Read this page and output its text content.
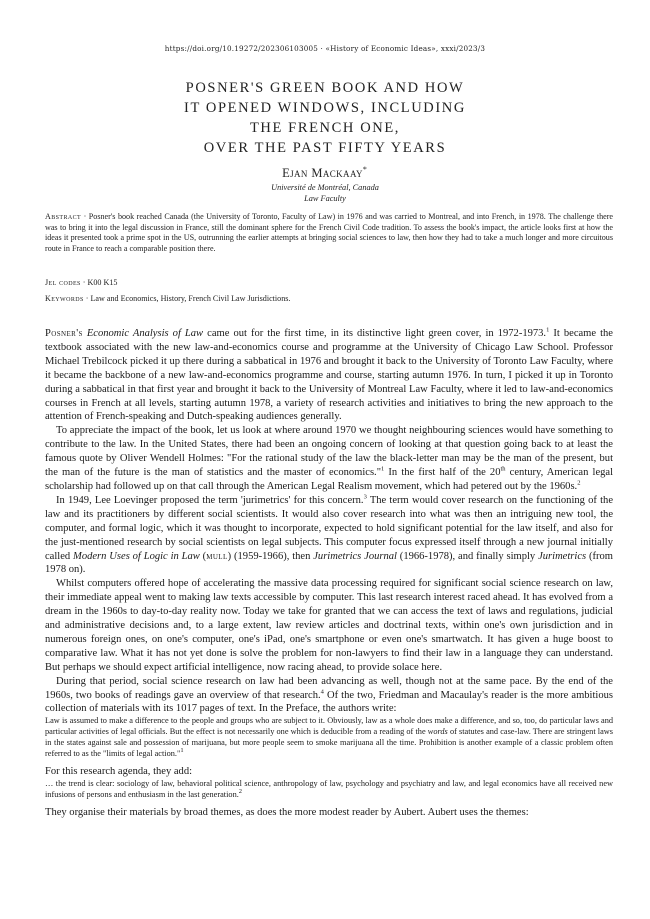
https://doi.org/10.19272/202306103005 · «History of Economic Ideas», xxxi/2023/3
POSNER'S GREEN BOOK AND HOW
IT OPENED WINDOWS, INCLUDING
THE FRENCH ONE,
OVER THE PAST FIFTY YEARS
Ejan Mackaay*
Université de Montréal, Canada
Law Faculty
Abstract · Posner's book reached Canada (the University of Toronto, Faculty of Law) in 1976 and was carried to Montreal, and into French, in 1978. The challenge there was to bring it into the legal discussion in France, still the dominant sphere for the French Civil Code tradition. To assess the book's impact, the article looks first at how the ideas it presented took a prime spot in the US, outrunning the earlier attempts at bringing social sciences to law, then how they had to take a much longer and more circuitous route in France to reach a comparable position there.
Jel codes · K00 K15
Keywords · Law and Economics, History, French Civil Law Jurisdictions.

Posner's Economic Analysis of Law came out for the first time, in its distinctive light green cover, in 1972-1973.$^1$ It became the textbook associated with the new law-and-economics course and programme at the University of Chicago Law School. Professor Michael Trebilcock picked it up there during a sabbatical in 1976 and brought it back to the University of Toronto Law Faculty, where it became the backbone of a new law-and-economics programme and course, starting autumn 1976. In turn, I picked it up in Toronto during a sabbatical in that first year and brought it back to the University of Montreal Law Faculty, where it led to law-and-economics courses in French at all levels, starting autumn 1978, a variety of research activities and initiatives to bring the new approach to the attention of French-speaking and Dutch-speaking audiences generally.

To appreciate the impact of the book, let us look at where around 1970 we thought neighbouring sciences would have something to contribute to the law. In the United States, there had been an ongoing concern of looking at that question going back to at least the famous quote by Oliver Wendell Holmes: "For the rational study of the law the black-letter man may be the man of the present, but the man of the future is the man of statistics and the master of economics."$^1$ In the first half of the 20th century, American legal scholarship had followed up on that call through the American Legal Realism movement, which had petered out by the 1960s.$^2$

In 1949, Lee Loevinger proposed the term 'jurimetrics' for this concern.$^3$ The term would cover research on the functioning of the law and its practitioners by different social scientists. It would also cover research into what was then an intriguing new tool, the computer, and formal logic, which it was thought to incorporate, expected to hold significant potential for the law itself, and also for the just-mentioned research by social scientists on legal subjects. This computer focus expressed itself through a new journal initially called Modern Uses of Logic in Law (mull) (1959-1966), then Jurimetrics Journal (1966-1978), and finally simply Jurimetrics (from 1978 on).

Whilst computers offered hope of accelerating the massive data processing required for significant social science research on law, their immediate appeal went to making law texts accessible by computer. This last research interest raced ahead. It has evolved from a dream in the 1960s to day-to-day reality now. Today we take for granted that we can access the text of laws and regulations, judicial and administrative decisions and, to a large extent, law review articles and doctrinal texts, within one's own jurisdiction and in numerous foreign ones, on one's computer, one's iPad, one's smartphone or even one's smartwatch. It has given a huge boost to comparative law. What it has not yet done is solve the problem for non-lawyers to find their law in a language they can understand. But perhaps we should expect artificial intelligence, now racing ahead, to provide solace here.

During that period, social science research on law had been advancing as well, though not at the same pace. By the end of the 1960s, two books of readings gave an overview of that research.$^4$ Of the two, Friedman and Macaulay's reader is the more ambitious collection of materials with its 1017 pages of text. In the Preface, the authors write:

Law is assumed to make a difference to the people and groups who are subject to it. Obviously, law as a whole does make a difference, and so, too, do particular laws and particular activities of legal officials. But the effect is not necessarily one which is deducible from a reading of the words of statutes and case-law. There are stringent laws in the states against sale and possession of marijuana, but more people seem to smoke marijuana all the time. Prohibition is another example of a classic problem often referred to as the "limits of legal action."$^1$

For this research agenda, they add:

… the trend is clear: sociology of law, behavioral political science, anthropology of law, psychology and psychiatry and law, and legal economics have all received new infusions of persons and enthusiasm in the last generation.$^2$

They organise their materials by broad themes, as does the more modest reader by Aubert. Aubert uses the themes:
